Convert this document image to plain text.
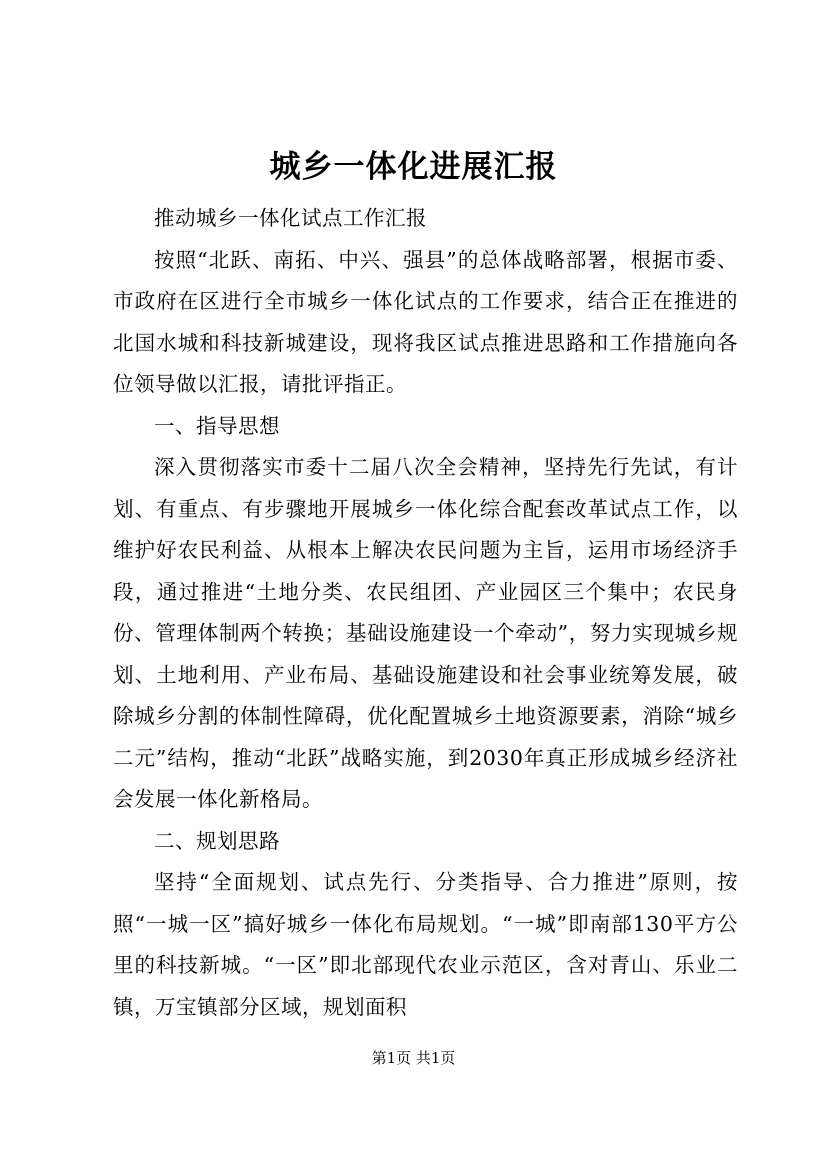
城乡一体化进展汇报

推动城乡一体化试点工作汇报

按照“北跃、南拓、中兴、强县”的总体战略部署，根据市委、市政府在区进行全市城乡一体化试点的工作要求，结合正在推进的北国水城和科技新城建设，现将我区试点推进思路和工作措施向各位领导做以汇报，请批评指正。

一、指导思想

深入贯彻落实市委十二届八次全会精神，坚持先行先试，有计划、有重点、有步骤地开展城乡一体化综合配套改革试点工作，以维护好农民利益、从根本上解决农民问题为主旨，运用市场经济手段，通过推进“土地分类、农民组团、产业园区三个集中；农民身份、管理体制两个转换；基础设施建设一个牵动”，努力实现城乡规划、土地利用、产业布局、基础设施建设和社会事业统筹发展，破除城乡分割的体制性障碍，优化配置城乡土地资源要素，消除“城乡二元”结构，推动“北跃”战略实施，到2030年真正形成城乡经济社会发展一体化新格局。

二、规划思路

坚持“全面规划、试点先行、分类指导、合力推进”原则，按照“一城一区”搞好城乡一体化布局规划。“一城”即南部130平方公里的科技新城。“一区”即北部现代农业示范区，含对青山、乐业二镇，万宝镇部分区域，规划面积

第1页 共1页
